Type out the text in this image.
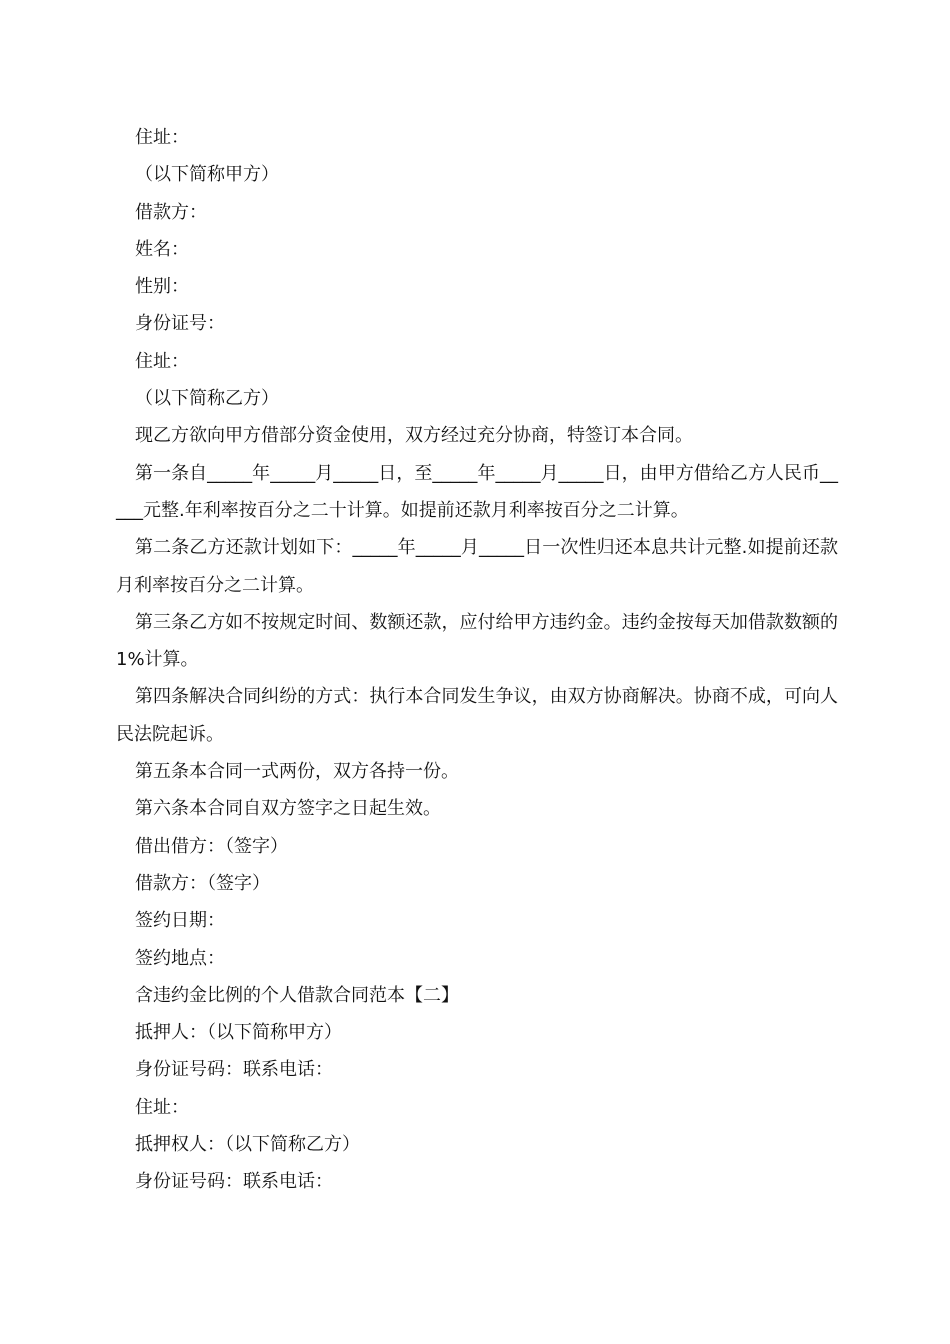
住址：

（以下简称甲方）

借款方：

姓名：

性别：

身份证号：

住址：

（以下简称乙方）

现乙方欲向甲方借部分资金使用，双方经过充分协商，特签订本合同。

第一条自_____年_____月_____日，至_____年_____月_____日，由甲方借给乙方人民币_____元整.年利率按百分之二十计算。如提前还款月利率按百分之二计算。

第二条乙方还款计划如下：_____年_____月_____日一次性归还本息共计元整.如提前还款月利率按百分之二计算。

第三条乙方如不按规定时间、数额还款，应付给甲方违约金。违约金按每天加借款数额的 1%计算。

第四条解决合同纠纷的方式：执行本合同发生争议，由双方协商解决。协商不成，可向人民法院起诉。

第五条本合同一式两份，双方各持一份。

第六条本合同自双方签字之日起生效。

借出借方：（签字）

借款方：（签字）

签约日期：

签约地点：

含违约金比例的个人借款合同范本【二】

抵押人：（以下简称甲方）

身份证号码：联系电话：

住址：

抵押权人：（以下简称乙方）

身份证号码：联系电话：
